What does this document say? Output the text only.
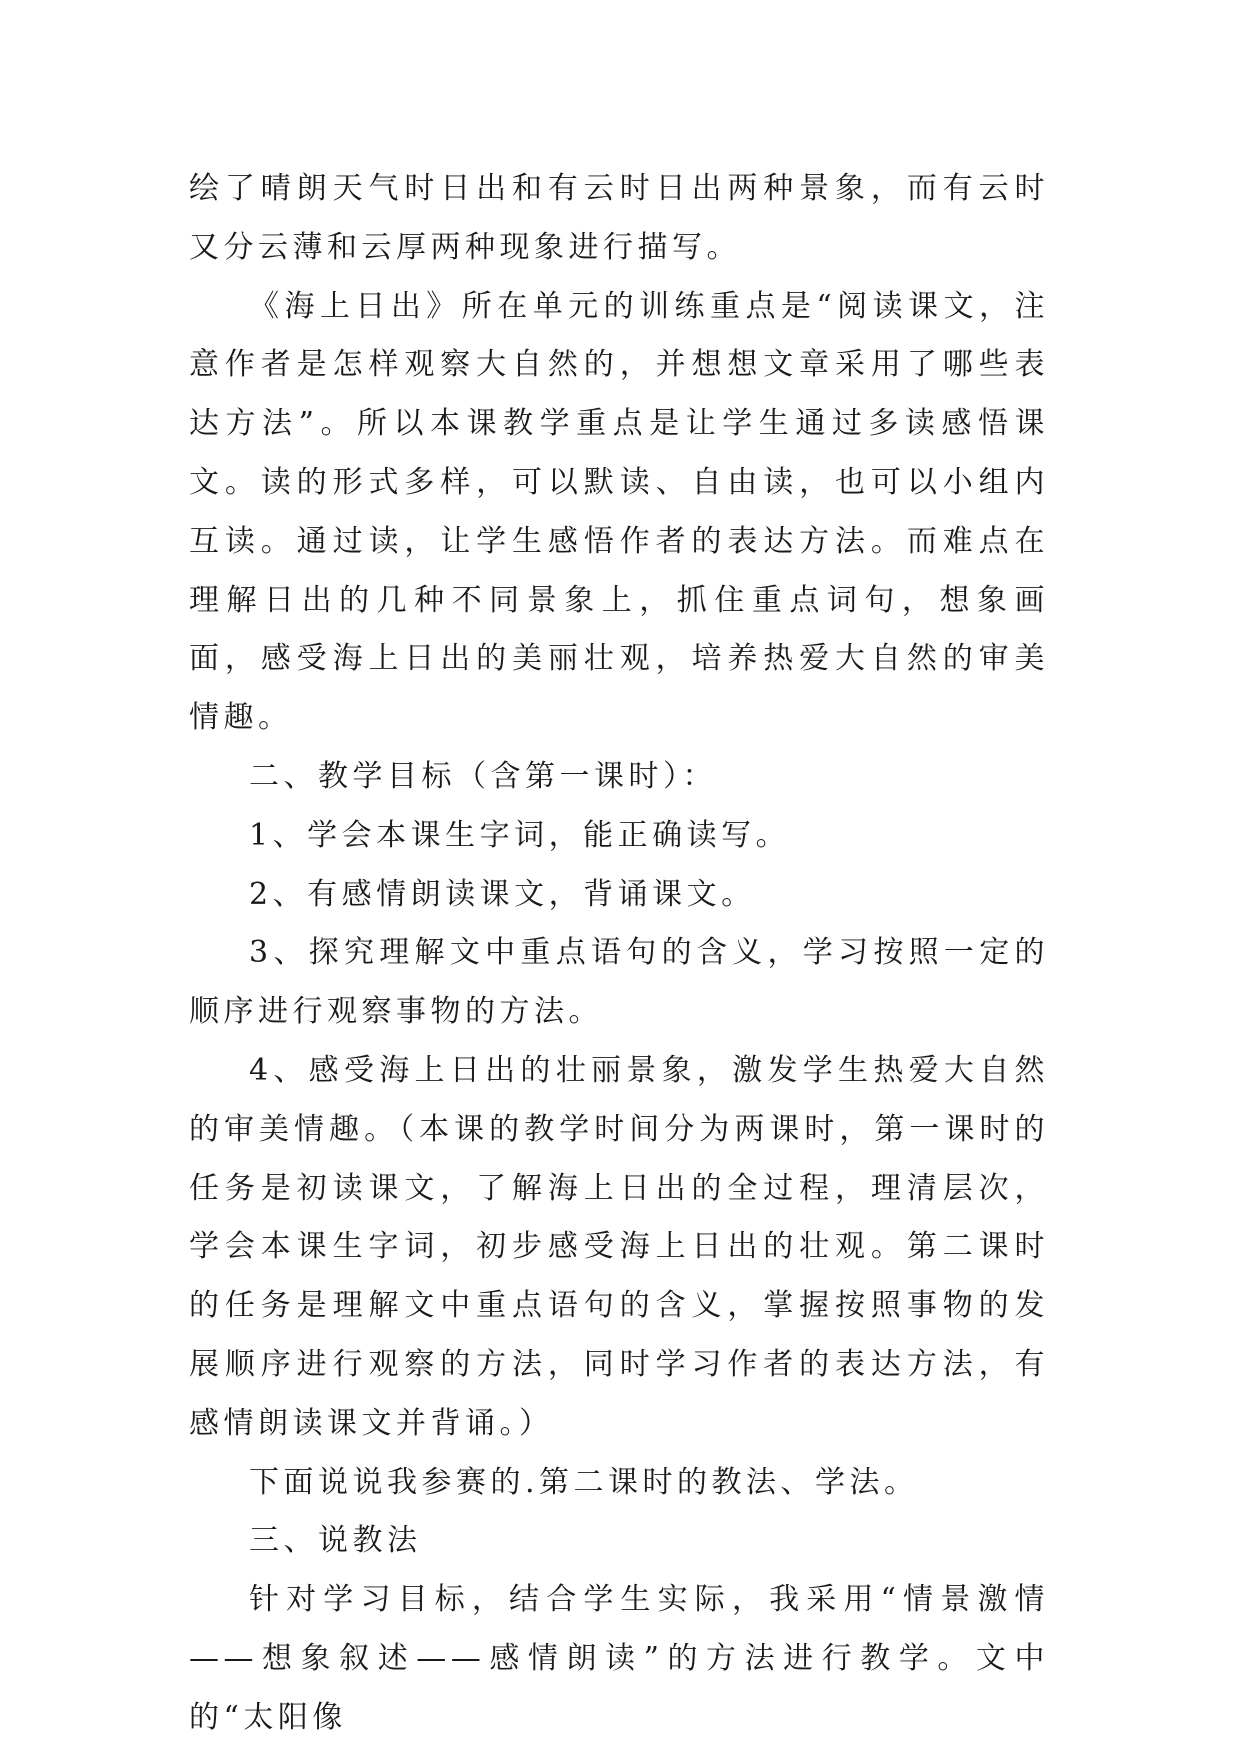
绘了晴朗天气时日出和有云时日出两种景象，而有云时又分云薄和云厚两种现象进行描写。

《海上日出》所在单元的训练重点是“阅读课文，注意作者是怎样观察大自然的，并想想文章采用了哪些表达方法”。所以本课教学重点是让学生通过多读感悟课文。读的形式多样，可以默读、自由读，也可以小组内互读。通过读，让学生感悟作者的表达方法。而难点在理解日出的几种不同景象上，抓住重点词句，想象画面，感受海上日出的美丽壮观，培养热爱大自然的审美情趣。

二、教学目标（含第一课时）：

1、学会本课生字词，能正确读写。

2、有感情朗读课文，背诵课文。

3、探究理解文中重点语句的含义，学习按照一定的顺序进行观察事物的方法。

4、感受海上日出的壮丽景象，激发学生热爱大自然的审美情趣。（本课的教学时间分为两课时，第一课时的任务是初读课文，了解海上日出的全过程，理清层次，学会本课生字词，初步感受海上日出的壮观。第二课时的任务是理解文中重点语句的含义，掌握按照事物的发展顺序进行观察的方法，同时学习作者的表达方法，有感情朗读课文并背诵。）

下面说说我参赛的.第二课时的教法、学法。

三、说教法

针对学习目标，结合学生实际，我采用“情景激情——想象叙述——感情朗读”的方法进行教学。文中的“太阳像
